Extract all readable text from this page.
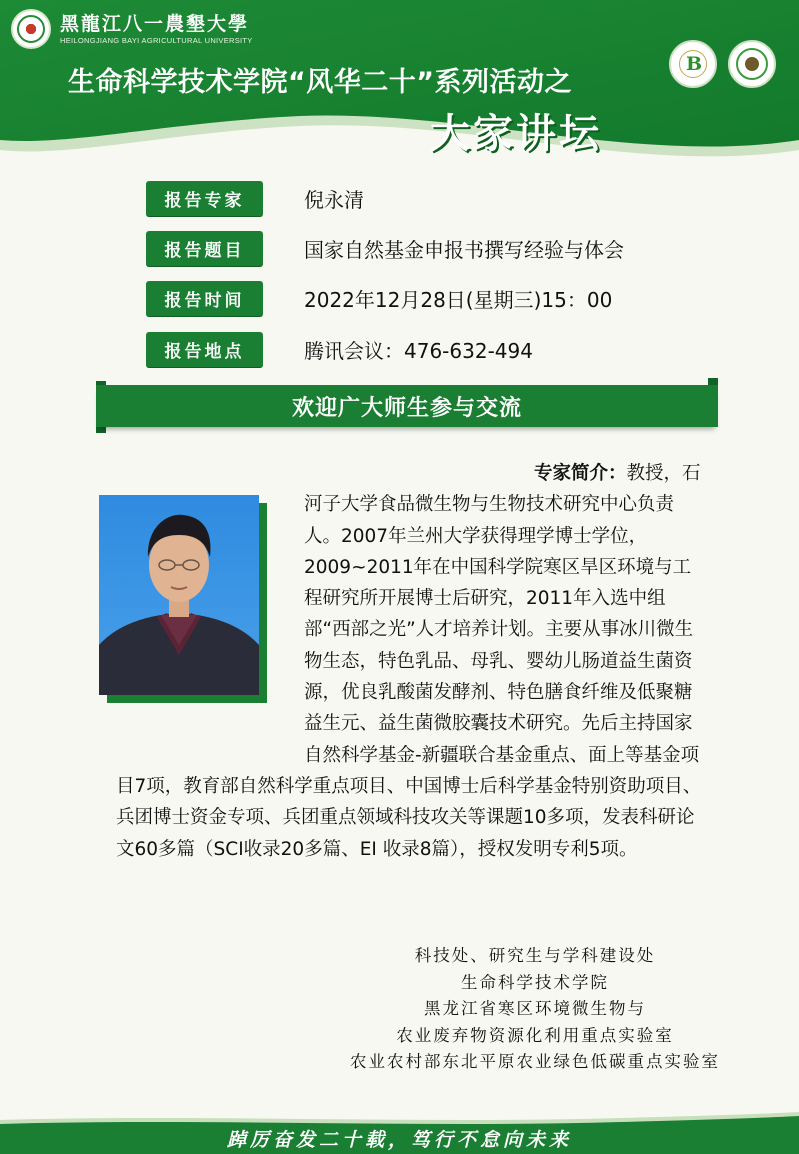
黑龍江八一農墾大學
HEILONGJIANG BAYI AGRICULTURAL UNIVERSITY
生命科学技术学院“风华二十”系列活动之
大家讲坛
B
报告专家	倪永清
报告题目	国家自然基金申报书撰写经验与体会
报告时间	2022年12月28日(星期三)15：00
报告地点	腾讯会议：476-632-494
欢迎广大师生参与交流
专家简介：教授，石河子大学食品微生物与生物技术研究中心负责人。2007年兰州大学获得理学博士学位，2009~2011年在中国科学院寒区旱区环境与工程研究所开展博士后研究，2011年入选中组部“西部之光”人才培养计划。主要从事冰川微生物生态，特色乳品、母乳、婴幼儿肠道益生菌资源，优良乳酸菌发酵剂、特色膳食纤维及低聚糖益生元、益生菌微胶囊技术研究。先后主持国家自然科学基金-新疆联合基金重点、面上等基金项目7项，教育部自然科学重点项目、中国博士后科学基金特别资助项目、兵团博士资金专项、兵团重点领域科技攻关等课题10多项，发表科研论文60多篇（SCI收录20多篇、EI 收录8篇），授权发明专利5项。
科技处、研究生与学科建设处
生命科学技术学院
黑龙江省寒区环境微生物与
农业废弃物资源化利用重点实验室
农业农村部东北平原农业绿色低碳重点实验室
踔厉奋发二十载，笃行不怠向未来
